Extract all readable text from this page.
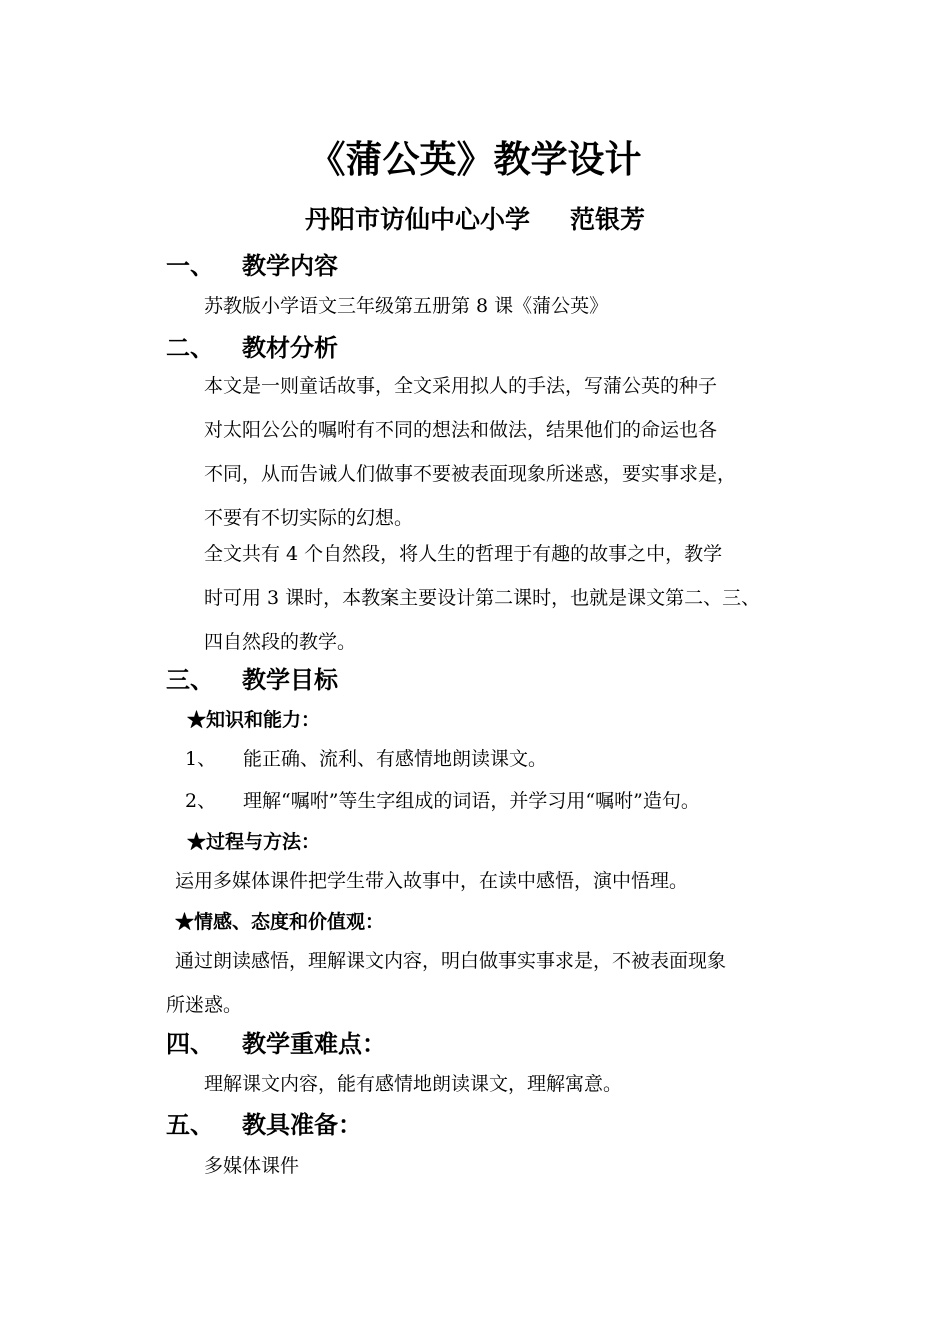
《蒲公英》教学设计
丹阳市访仙中心小学 范银芳
一、 教学内容
苏教版小学语文三年级第五册第 8 课《蒲公英》
二、 教材分析
本文是一则童话故事，全文采用拟人的手法，写蒲公英的种子
对太阳公公的嘱咐有不同的想法和做法，结果他们的命运也各
不同，从而告诫人们做事不要被表面现象所迷惑，要实事求是，
不要有不切实际的幻想。
全文共有 4 个自然段，将人生的哲理于有趣的故事之中，教学
时可用 3 课时，本教案主要设计第二课时，也就是课文第二、三、
四自然段的教学。
三、 教学目标
★知识和能力：
1、 能正确、流利、有感情地朗读课文。
2、 理解“嘱咐”等生字组成的词语，并学习用“嘱咐”造句。
★过程与方法：
运用多媒体课件把学生带入故事中，在读中感悟，演中悟理。
★情感、态度和价值观：
通过朗读感悟，理解课文内容，明白做事实事求是，不被表面现象
所迷惑。
四、 教学重难点：
理解课文内容，能有感情地朗读课文，理解寓意。
五、 教具准备：
多媒体课件
